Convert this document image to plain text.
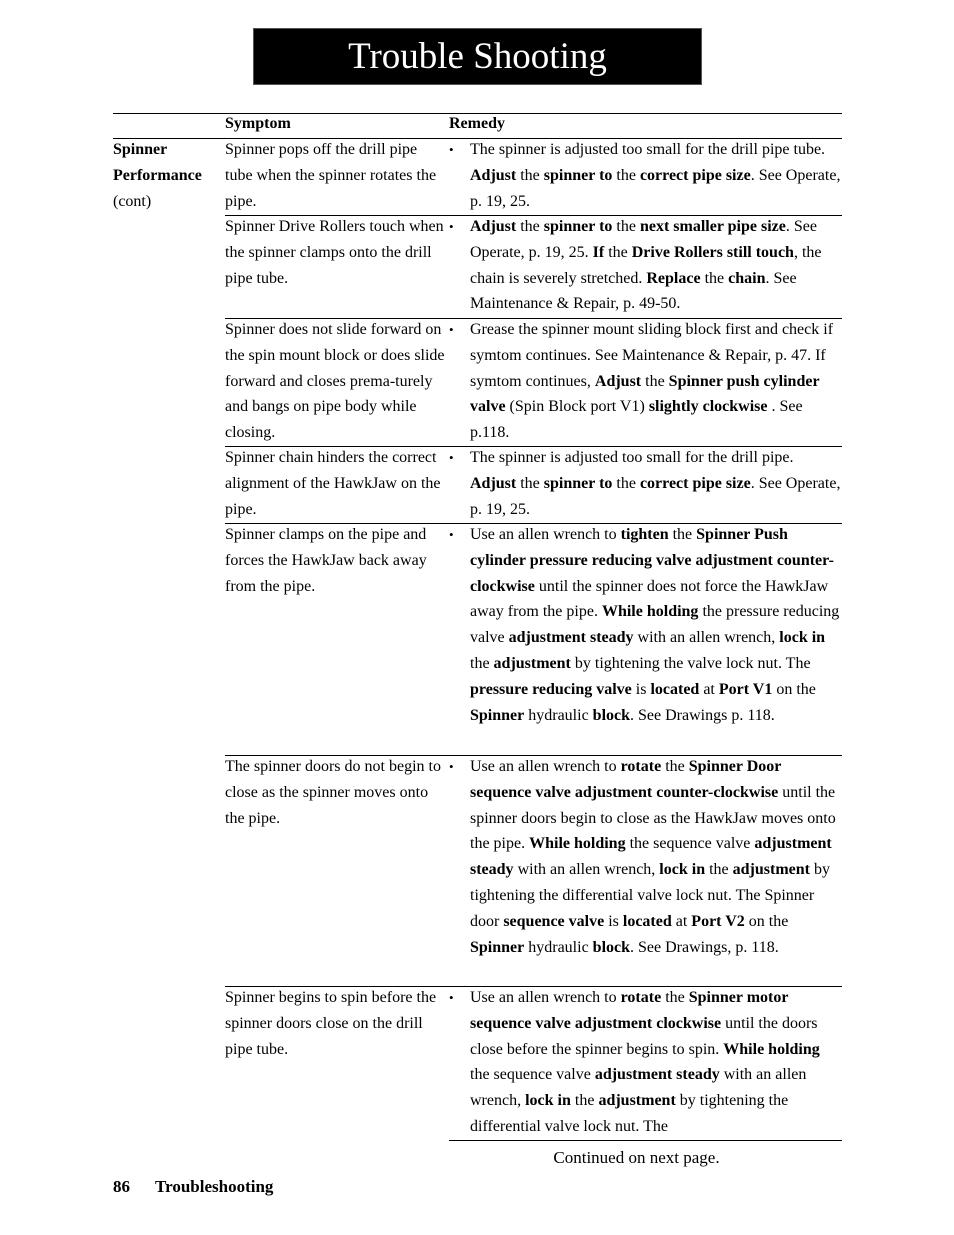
Trouble Shooting
Symptom	Remedy
Spinner
Performance
(cont)
Spinner pops off the drill pipe tube when the spinner rotates the pipe.
•	The spinner is adjusted too small for the drill pipe tube. Adjust the spinner to the correct pipe size. See Operate, p. 19, 25.
Spinner Drive Rollers touch when the spinner clamps onto the drill pipe tube.
•	Adjust the spinner to the next smaller pipe size. See Operate, p. 19, 25. If the Drive Rollers still touch, the chain is severely stretched. Replace the chain. See Maintenance & Repair, p. 49-50.
Spinner does not slide forward on the spin mount block or does slide forward and closes prema-turely and bangs on pipe body while closing.
•	Grease the spinner mount sliding block first and check if symtom continues. See Maintenance & Repair, p. 47. If symtom continues, Adjust the Spinner push cylinder valve (Spin Block port V1) slightly clockwise . See p.118.
Spinner chain hinders the correct alignment of the HawkJaw on the pipe.
•	The spinner is adjusted too small for the drill pipe. Adjust the spinner to the correct pipe size. See Operate, p. 19, 25.
Spinner clamps on the pipe and forces the HawkJaw back away from the pipe.
•	Use an allen wrench to tighten the Spinner Push cylinder pressure reducing valve adjustment counter-clockwise until the spinner does not force the HawkJaw away from the pipe. While holding the pressure reducing valve adjustment steady with an allen wrench, lock in the adjustment by tightening the valve lock nut. The pressure reducing valve is located at Port V1 on the Spinner hydraulic block. See Drawings p. 118.
The spinner doors do not begin to close as the spinner moves onto the pipe.
•	Use an allen wrench to rotate the Spinner Door sequence valve adjustment counter-clockwise until the spinner doors begin to close as the HawkJaw moves onto the pipe. While holding the sequence valve adjustment steady with an allen wrench, lock in the adjustment by tightening the differential valve lock nut. The Spinner door sequence valve is located at Port V2 on the Spinner hydraulic block. See Drawings, p. 118.
Spinner begins to spin before the spinner doors close on the drill pipe tube.
•	Use an allen wrench to rotate the Spinner motor sequence valve adjustment clockwise until the doors close before the spinner begins to spin. While holding the sequence valve adjustment steady with an allen wrench, lock in the adjustment by tightening the differential valve lock nut. The
Continued on next page.
86 Troubleshooting
